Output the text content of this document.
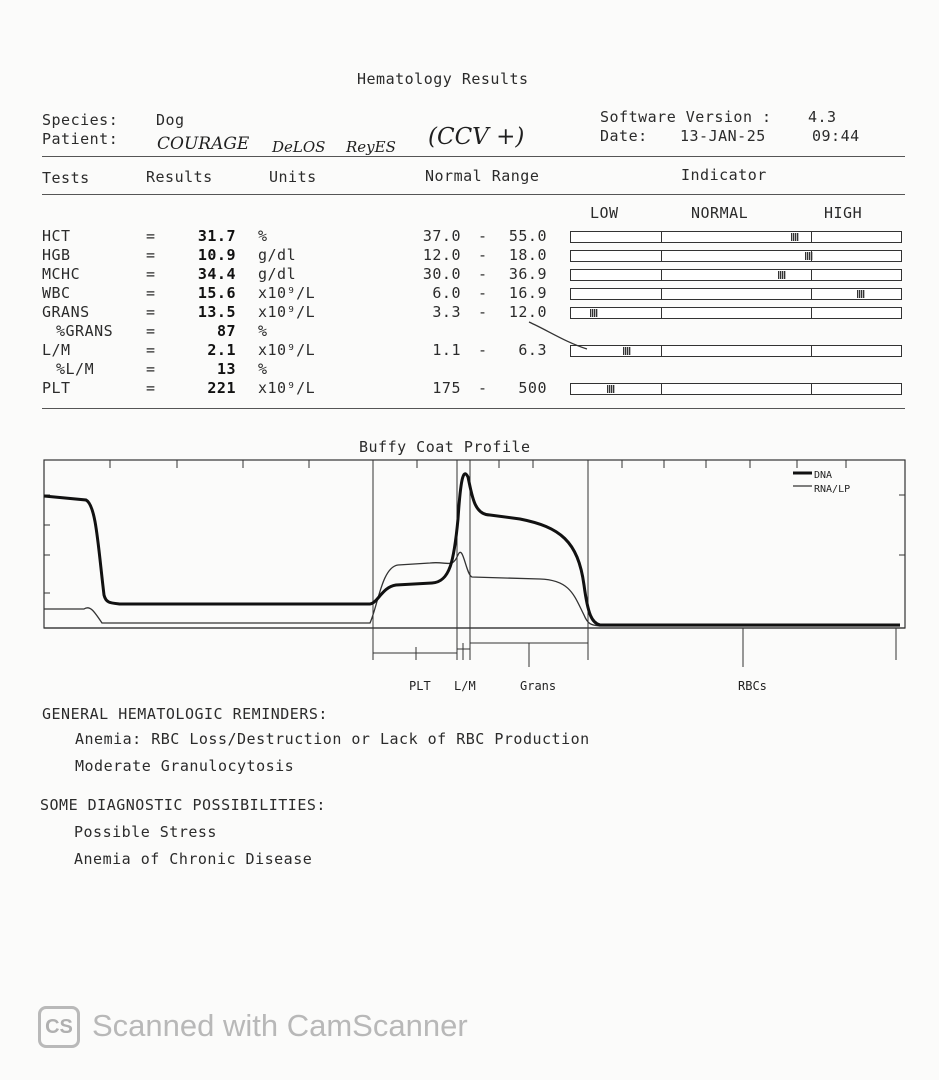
Hematology Results
Species:	Dog
Patient: COURAGE DeLOS ReyES (CCV +)
Software Version : 4.3
Date: 13-JAN-25	09:44
Tests	Results	Units	Normal Range	Indicator
LOW	NORMAL	HIGH
HCT	=	31.7 %	37.0 -	55.0
HGB	=	10.9 g/dl	12.0 -	18.0
MCHC	=	34.4 g/dl	30.0 -	36.9
WBC	=	15.6 x10⁹/L	6.0 -	16.9
GRANS	=	13.5 x10⁹/L	3.3 -	12.0
%GRANS =	87 %
L/M	=	2.1 x10⁹/L	1.1 -	6.3
%L/M	=	13 %
PLT	=	221 x10⁹/L	175 -	500
Buffy Coat Profile
DNA
RNA/LP
PLT L/M	Grans	RBCs
GENERAL HEMATOLOGIC REMINDERS:
Anemia: RBC Loss/Destruction or Lack of RBC Production
Moderate Granulocytosis
SOME DIAGNOSTIC POSSIBILITIES:
Possible Stress
Anemia of Chronic Disease
CS Scanned with CamScanner
